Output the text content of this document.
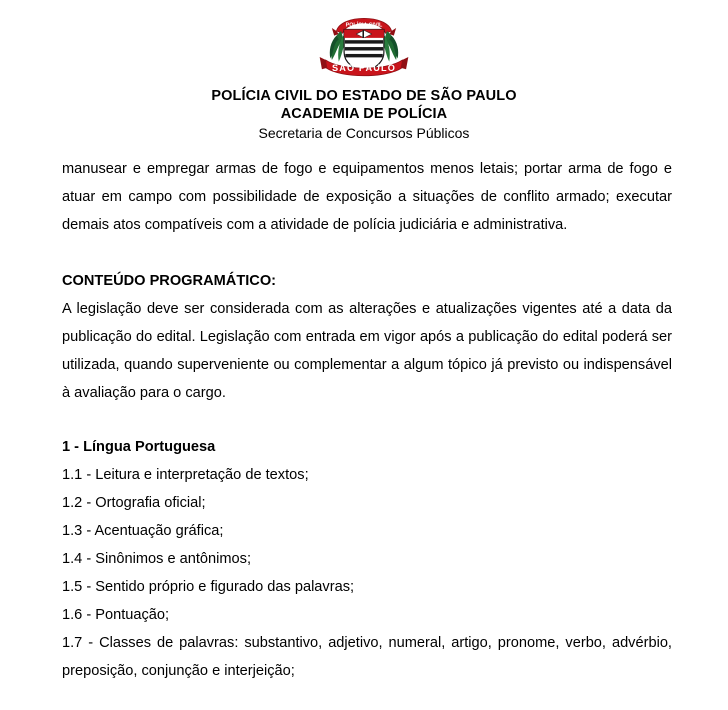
POLÍCIA CIVIL
SÃO PAULO
POLÍCIA CIVIL DO ESTADO DE SÃO PAULO
ACADEMIA DE POLÍCIA
Secretaria de Concursos Públicos

manusear e empregar armas de fogo e equipamentos menos letais; portar arma de fogo e atuar em campo com possibilidade de exposição a situações de conflito armado; executar demais atos compatíveis com a atividade de polícia judiciária e administrativa.

CONTEÚDO PROGRAMÁTICO:

A legislação deve ser considerada com as alterações e atualizações vigentes até a data da publicação do edital. Legislação com entrada em vigor após a publicação do edital poderá ser utilizada, quando superveniente ou complementar a algum tópico já previsto ou indispensável à avaliação para o cargo.

1 - Língua Portuguesa

1.1 - Leitura e interpretação de textos;

1.2 - Ortografia oficial;

1.3 - Acentuação gráfica;

1.4 - Sinônimos e antônimos;

1.5 - Sentido próprio e figurado das palavras;

1.6 - Pontuação;

1.7 - Classes de palavras: substantivo, adjetivo, numeral, artigo, pronome, verbo, advérbio, preposição, conjunção e interjeição;
